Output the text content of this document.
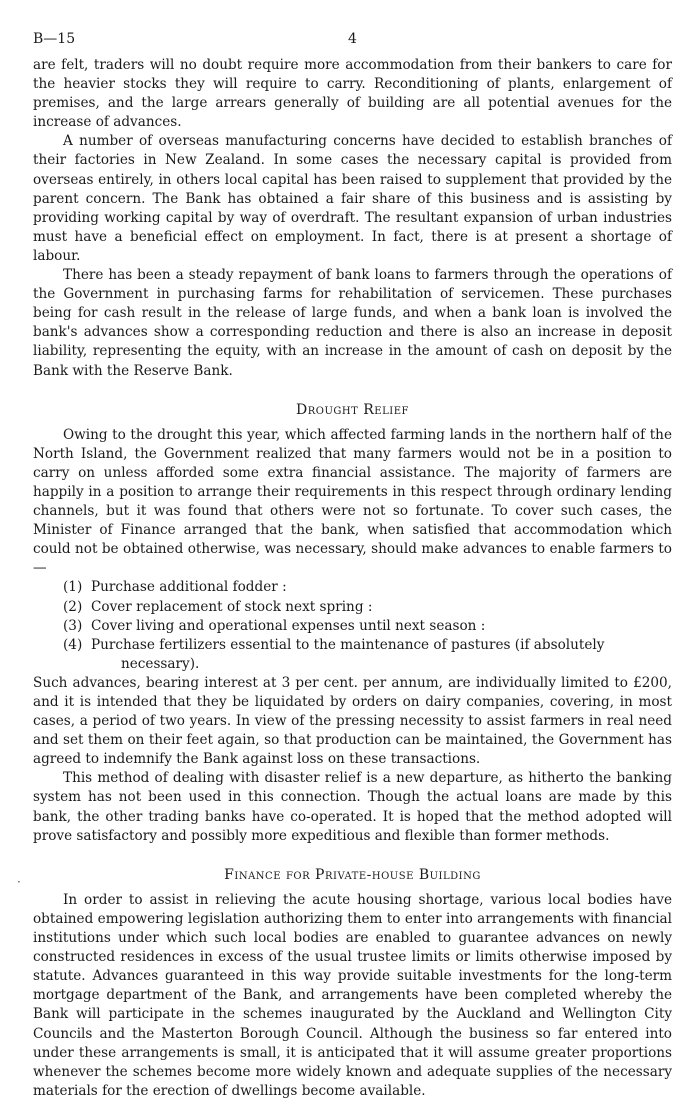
B—15	4

are felt, traders will no doubt require more accommodation from their bankers to care for the heavier stocks they will require to carry. Reconditioning of plants, enlargement of premises, and the large arrears generally of building are all potential avenues for the increase of advances.

A number of overseas manufacturing concerns have decided to establish branches of their factories in New Zealand. In some cases the necessary capital is provided from overseas entirely, in others local capital has been raised to supplement that provided by the parent concern. The Bank has obtained a fair share of this business and is assisting by providing working capital by way of overdraft. The resultant expansion of urban industries must have a beneficial effect on employment. In fact, there is at present a shortage of labour.

There has been a steady repayment of bank loans to farmers through the operations of the Government in purchasing farms for rehabilitation of servicemen. These purchases being for cash result in the release of large funds, and when a bank loan is involved the bank's advances show a corresponding reduction and there is also an increase in deposit liability, representing the equity, with an increase in the amount of cash on deposit by the Bank with the Reserve Bank.

Drought Relief

Owing to the drought this year, which affected farming lands in the northern half of the North Island, the Government realized that many farmers would not be in a position to carry on unless afforded some extra financial assistance. The majority of farmers are happily in a position to arrange their requirements in this respect through ordinary lending channels, but it was found that others were not so fortunate. To cover such cases, the Minister of Finance arranged that the bank, when satisfied that accommodation which could not be obtained otherwise, was necessary, should make advances to enable farmers to—

(1) Purchase additional fodder :
(2) Cover replacement of stock next spring :
(3) Cover living and operational expenses until next season :
(4) Purchase fertilizers essential to the maintenance of pastures (if absolutely
necessary).

Such advances, bearing interest at 3 per cent. per annum, are individually limited to £200, and it is intended that they be liquidated by orders on dairy companies, covering, in most cases, a period of two years. In view of the pressing necessity to assist farmers in real need and set them on their feet again, so that production can be maintained, the Government has agreed to indemnify the Bank against loss on these transactions.

This method of dealing with disaster relief is a new departure, as hitherto the banking system has not been used in this connection. Though the actual loans are made by this bank, the other trading banks have co-operated. It is hoped that the method adopted will prove satisfactory and possibly more expeditious and flexible than former methods.

Finance for Private-house Building

In order to assist in relieving the acute housing shortage, various local bodies have obtained empowering legislation authorizing them to enter into arrangements with financial institutions under which such local bodies are enabled to guarantee advances on newly constructed residences in excess of the usual trustee limits or limits otherwise imposed by statute. Advances guaranteed in this way provide suitable investments for the long-term mortgage department of the Bank, and arrangements have been completed whereby the Bank will participate in the schemes inaugurated by the Auckland and Wellington City Councils and the Masterton Borough Council. Although the business so far entered into under these arrangements is small, it is anticipated that it will assume greater proportions whenever the schemes become more widely known and adequate supplies of the necessary materials for the erection of dwellings become available.

·
